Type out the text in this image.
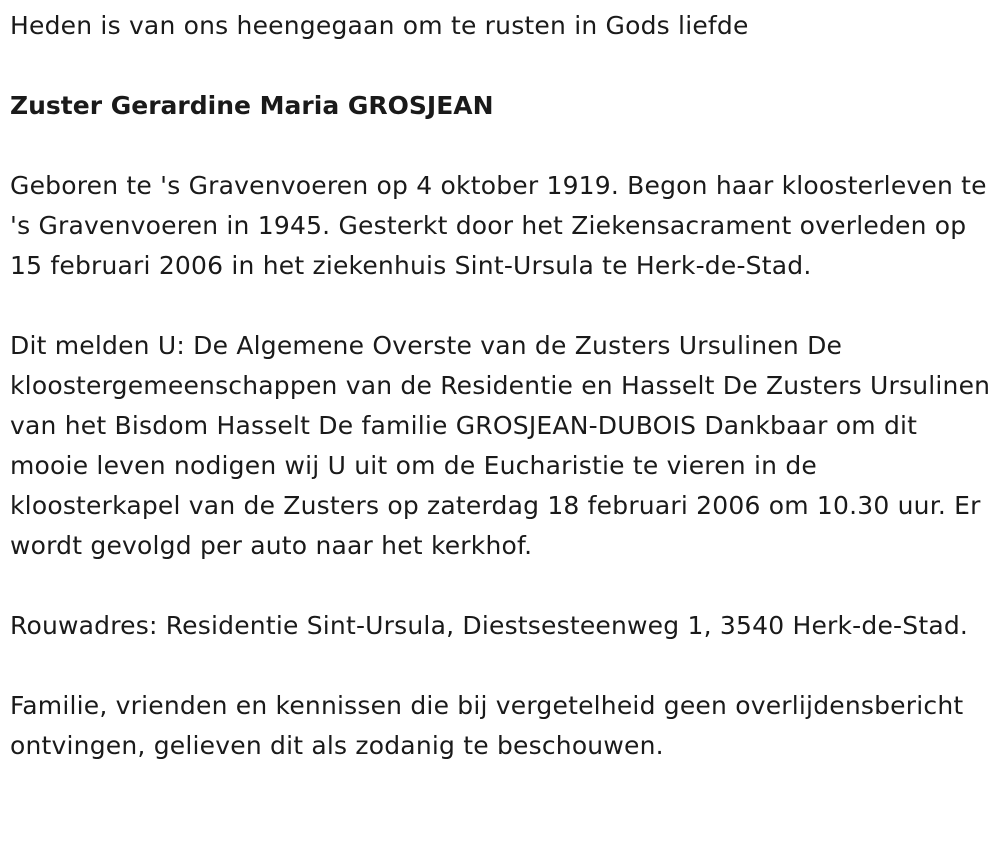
Heden is van ons heengegaan om te rusten in Gods liefde

Zuster Gerardine Maria GROSJEAN

Geboren te 's Gravenvoeren op 4 oktober 1919. Begon haar kloosterleven te 's Gravenvoeren in 1945. Gesterkt door het Ziekensacrament overleden op 15 februari 2006 in het ziekenhuis Sint-Ursula te Herk-de-Stad.

Dit melden U: De Algemene Overste van de Zusters Ursulinen De kloostergemeenschappen van de Residentie en Hasselt De Zusters Ursulinen van het Bisdom Hasselt De familie GROSJEAN-DUBOIS Dankbaar om dit mooie leven nodigen wij U uit om de Eucharistie te vieren in de kloosterkapel van de Zusters op zaterdag 18 februari 2006 om 10.30 uur. Er wordt gevolgd per auto naar het kerkhof.

Rouwadres: Residentie Sint-Ursula, Diestsesteenweg 1, 3540 Herk-de-Stad.

Familie, vrienden en kennissen die bij vergetelheid geen overlijdensbericht ontvingen, gelieven dit als zodanig te beschouwen.
